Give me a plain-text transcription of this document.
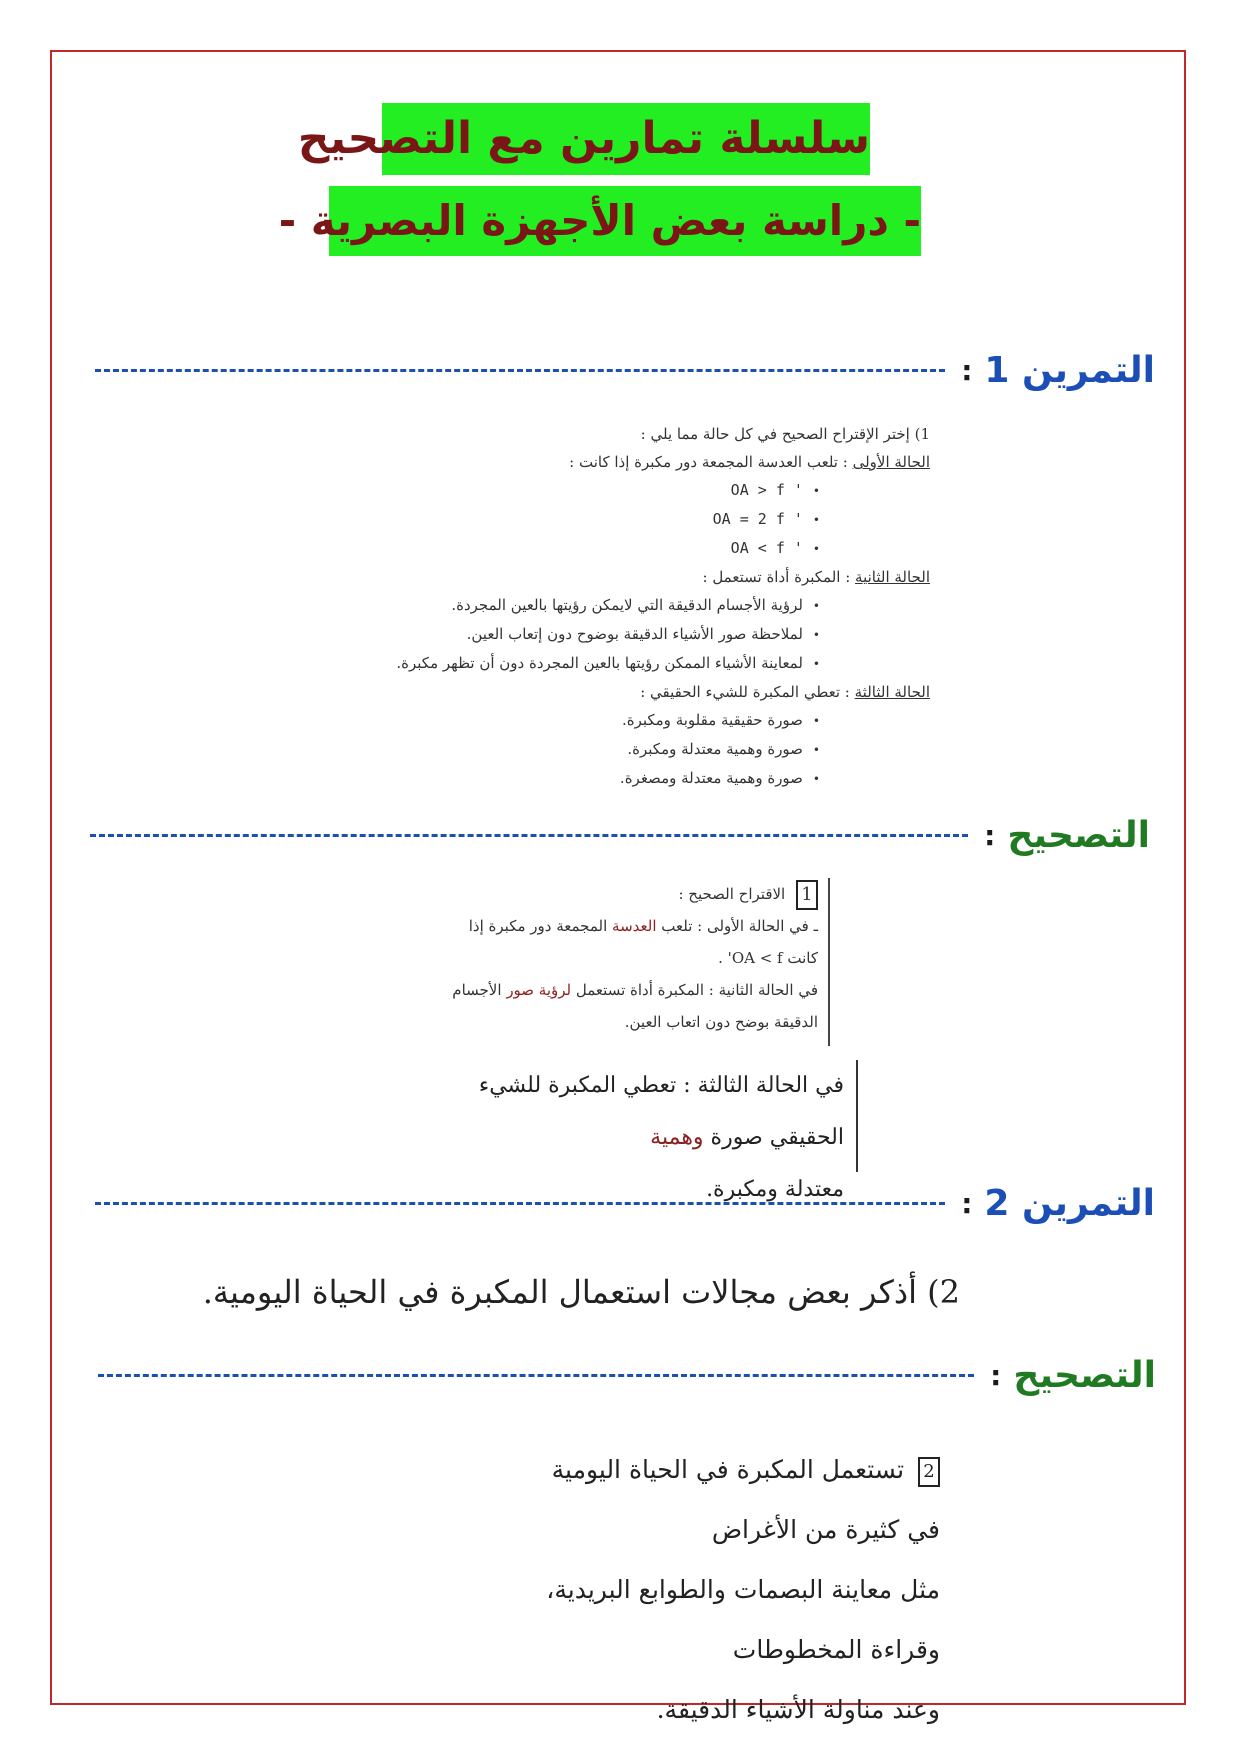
سلسلة تمارين مع التصحيح
- دراسة بعض الأجهزة البصرية -
التمرين 1
:
1) إختر الإقتراح الصحيح في كل حالة مما يلي :
الحالة الأولى : تلعب العدسة المجمعة دور مكبرة إذا كانت :
• OA > f '
• OA = 2 f '
• OA < f '
الحالة الثانية : المكبرة أداة تستعمل :
• لرؤية الأجسام الدقيقة التي لايمكن رؤيتها بالعين المجردة.
• لملاحظة صور الأشياء الدقيقة بوضوح دون إتعاب العين.
• لمعاينة الأشياء الممكن رؤيتها بالعين المجردة دون أن تظهر مكبرة.
الحالة الثالثة : تعطي المكبرة للشيء الحقيقي :
• صورة حقيقية مقلوبة ومكبرة.
• صورة وهمية معتدلة ومكبرة.
• صورة وهمية معتدلة ومصغرة.
التصحيح
:
1 الاقتراح الصحيح :
ـ في الحالة الأولى : تلعب العدسة المجمعة دور مكبرة إذا
كانت OA < f' .
في الحالة الثانية : المكبرة أداة تستعمل لرؤية صور الأجسام
الدقيقة بوضح دون اتعاب العين.
في الحالة الثالثة : تعطي المكبرة للشيء الحقيقي صورة وهمية
معتدلة ومكبرة.	التمرين 2
:
2) أذكر بعض مجالات استعمال المكبرة في الحياة اليومية.
التصحيح
:
2 تستعمل المكبرة في الحياة اليومية في كثيرة من الأغراض
مثل معاينة البصمات والطوابع البريدية، وقراءة المخطوطات
وعند مناولة الأشياء الدقيقة.
